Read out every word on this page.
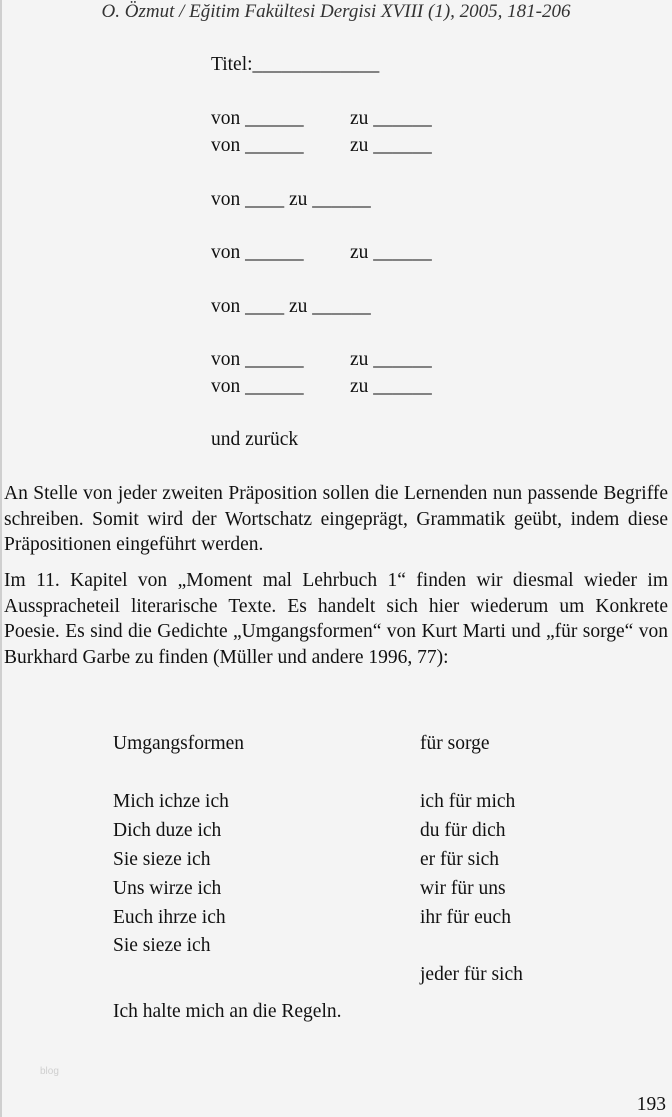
O. Özmut / Eğitim Fakültesi Dergisi XVIII (1), 2005, 181-206
Titel:_____________
von ______ zu ______
von ______ zu ______
von ____ zu ______
von ______ zu ______
von ____ zu ______
von ______ zu ______
von ______ zu ______
und zurück
An Stelle von jeder zweiten Präposition sollen die Lernenden nun passende Begriffe schreiben. Somit wird der Wortschatz eingeprägt, Grammatik geübt, indem diese Präpositionen eingeführt werden.
Im 11. Kapitel von „Moment mal Lehrbuch 1“ finden wir diesmal wieder im Ausspracheteil literarische Texte. Es handelt sich hier wiederum um Konkrete Poesie. Es sind die Gedichte „Umgangsformen“ von Kurt Marti und „für sorge“ von Burkhard Garbe zu finden (Müller und andere 1996, 77):
Umgangsformen
Mich ichze ich
Dich duze ich
Sie sieze ich
Uns wirze ich
Euch ihrze ich
Sie sieze ich
Ich halte mich an die Regeln.
für sorge
ich für mich
du für dich
er für sich
wir für uns
ihr für euch
jeder für sich
blog
193
